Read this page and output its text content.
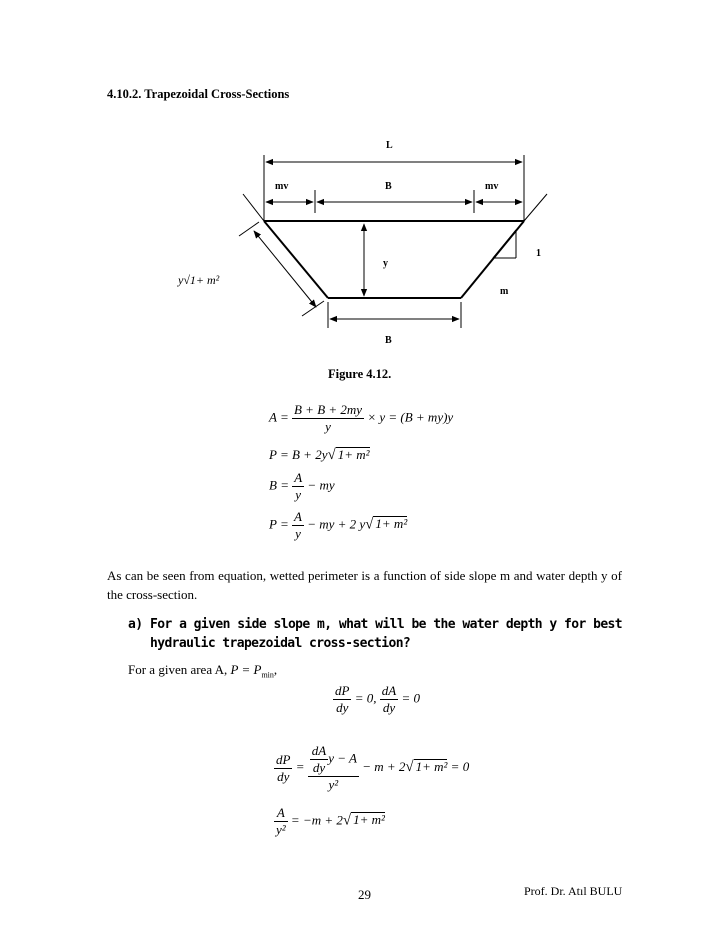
4.10.2. Trapezoidal Cross-Sections
L
mv	B	mv
1
y
m
y√1+ m²
B
Figure 4.12.
$A = \frac{B + B + 2my}{y} \times y = (B + my)y$
P = B + 2y√ 1+ m²
$B = \frac{A}{y}$ − my
$P = \frac{A}{y}$ − my + 2 y√ 1+ m²
As can be seen from equation, wetted perimeter is a function of side slope m and water depth y of the cross-section.
a) For a given side slope m, what will be the water depth y for best hydraulic trapezoidal cross-section?
For a given area A, $P = P_{min}$,
$\frac{dP}{dy} = 0$, $\frac{dA}{dy} = 0$
$\frac{dP}{dy} = \frac{\frac{dA}{dy} y - A}{\text{y²}} - m + 2√$ 1+ m² = 0
$\frac{A}{\text{y²}} = -m + 2√$ 1+ m²
29	Prof. Dr. Atıl BULU
